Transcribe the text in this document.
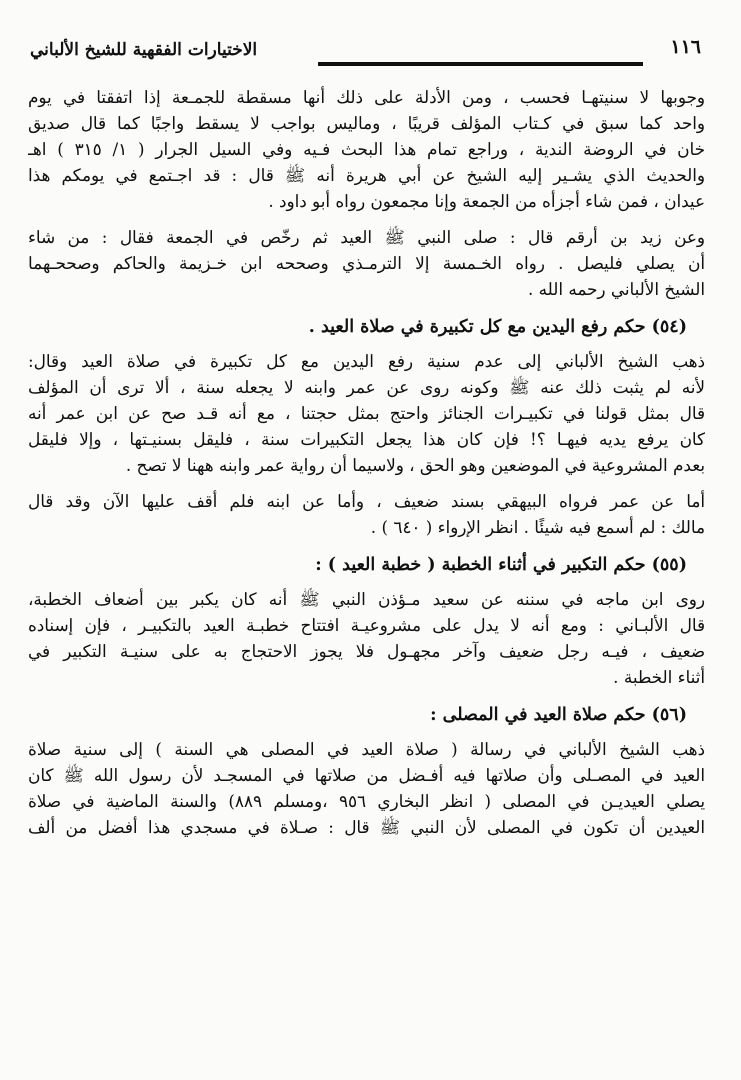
الاختيارات الفقهية للشيخ الألباني	١١٦
وجوبها لا سنيتهـا فحسب ، ومن الأدلة على ذلك أنها مسقطة للجمـعة إذا اتفقتا في يوم
واحد كما سبق في كـتاب المؤلف قريبًا ، ومالیس بواجب لا یسقط واجبًا كما قال صديق
خان في الروضة الندية ، وراجع تمام هذا البحث فـيه وفي السيل الجرار ( ١/ ٣١٥ ) اهـ
والحديث الذي يشـير إليه الشيخ عن أبي هريرة أنه ﷺ قال : قد اجـتمع في يومكم هذا
عيدان ، فمن شاء أجزأه من الجمعة وإنا مجمعون رواه أبو داود .
وعن زيد بن أرقم قال : صلى النبي ﷺ العيد ثم رخّص في الجمعة فقال : من شاء
أن يصلي فليصل . رواه الخـمسة إلا الترمـذي وصححه ابن خـزيمة والحاكم وصححـهما
الشيخ الألباني رحمه الله .
(٥٤) حكم رفع اليدين مع كل تكبيرة في صلاة العيد .
ذهب الشيخ الألباني إلى عدم سنية رفع اليدين مع كل تكبيرة في صلاة العيد وقال:
لأنه لم يثبت ذلك عنه ﷺ وكونه روى عن عمر وابنه لا يجعله سنة ، ألا ترى أن المؤلف
قال بمثل قولنا في تكبيـرات الجنائز واحتج بمثل حجتنا ، مع أنه قـد صح عن ابن عمر أنه
كان يرفع يديه فيهـا ؟! فإن كان هذا يجعل التكبيرات سنة ، فليقل بسنيـتها ، وإلا فليقل
بعدم المشروعية في الموضعين وهو الحق ، ولاسيما أن رواية عمر وابنه ههنا لا تصح .
أما عن عمر فرواه البيهقي بسند ضعيف ، وأما عن ابنه فلم أقف عليها الآن وقد قال
مالك : لم أسمع فيه شيئًا . انظر الإرواء ( ٦٤٠ ) .
(٥٥) حكم التكبير في أثناء الخطبة ( خطبة العيد ) :
روى ابن ماجه في سننه عن سعيد مـؤذن النبي ﷺ أنه كان يكبر بين أضعاف الخطبة،
قال الألبـاني : ومع أنه لا يدل على مشروعيـة افتتاح خطبـة العيد بالتكبيـر ، فإن إسناده
ضعيف ، فيـه رجل ضعيف وآخر مجهـول فلا يجوز الاحتجاج به على سنيـة التكبير في
أثناء الخطبة .
(٥٦) حكم صلاة العيد في المصلى :
ذهب الشيخ الألباني في رسالة ( صلاة العيد في المصلى هي السنة ) إلى سنية صلاة
العيد في المصـلى وأن صلاتها فيه أفـضل من صلاتها في المسجـد لأن رسول الله ﷺ كان
يصلي العيديـن في المصلى ( انظر البخاري ٩٥٦ ،ومسلم ٨٨٩) والسنة الماضية في صلاة
العيدين أن تكون في المصلى لأن النبي ﷺ قال : صـلاة في مسجدي هذا أفضل من ألف
